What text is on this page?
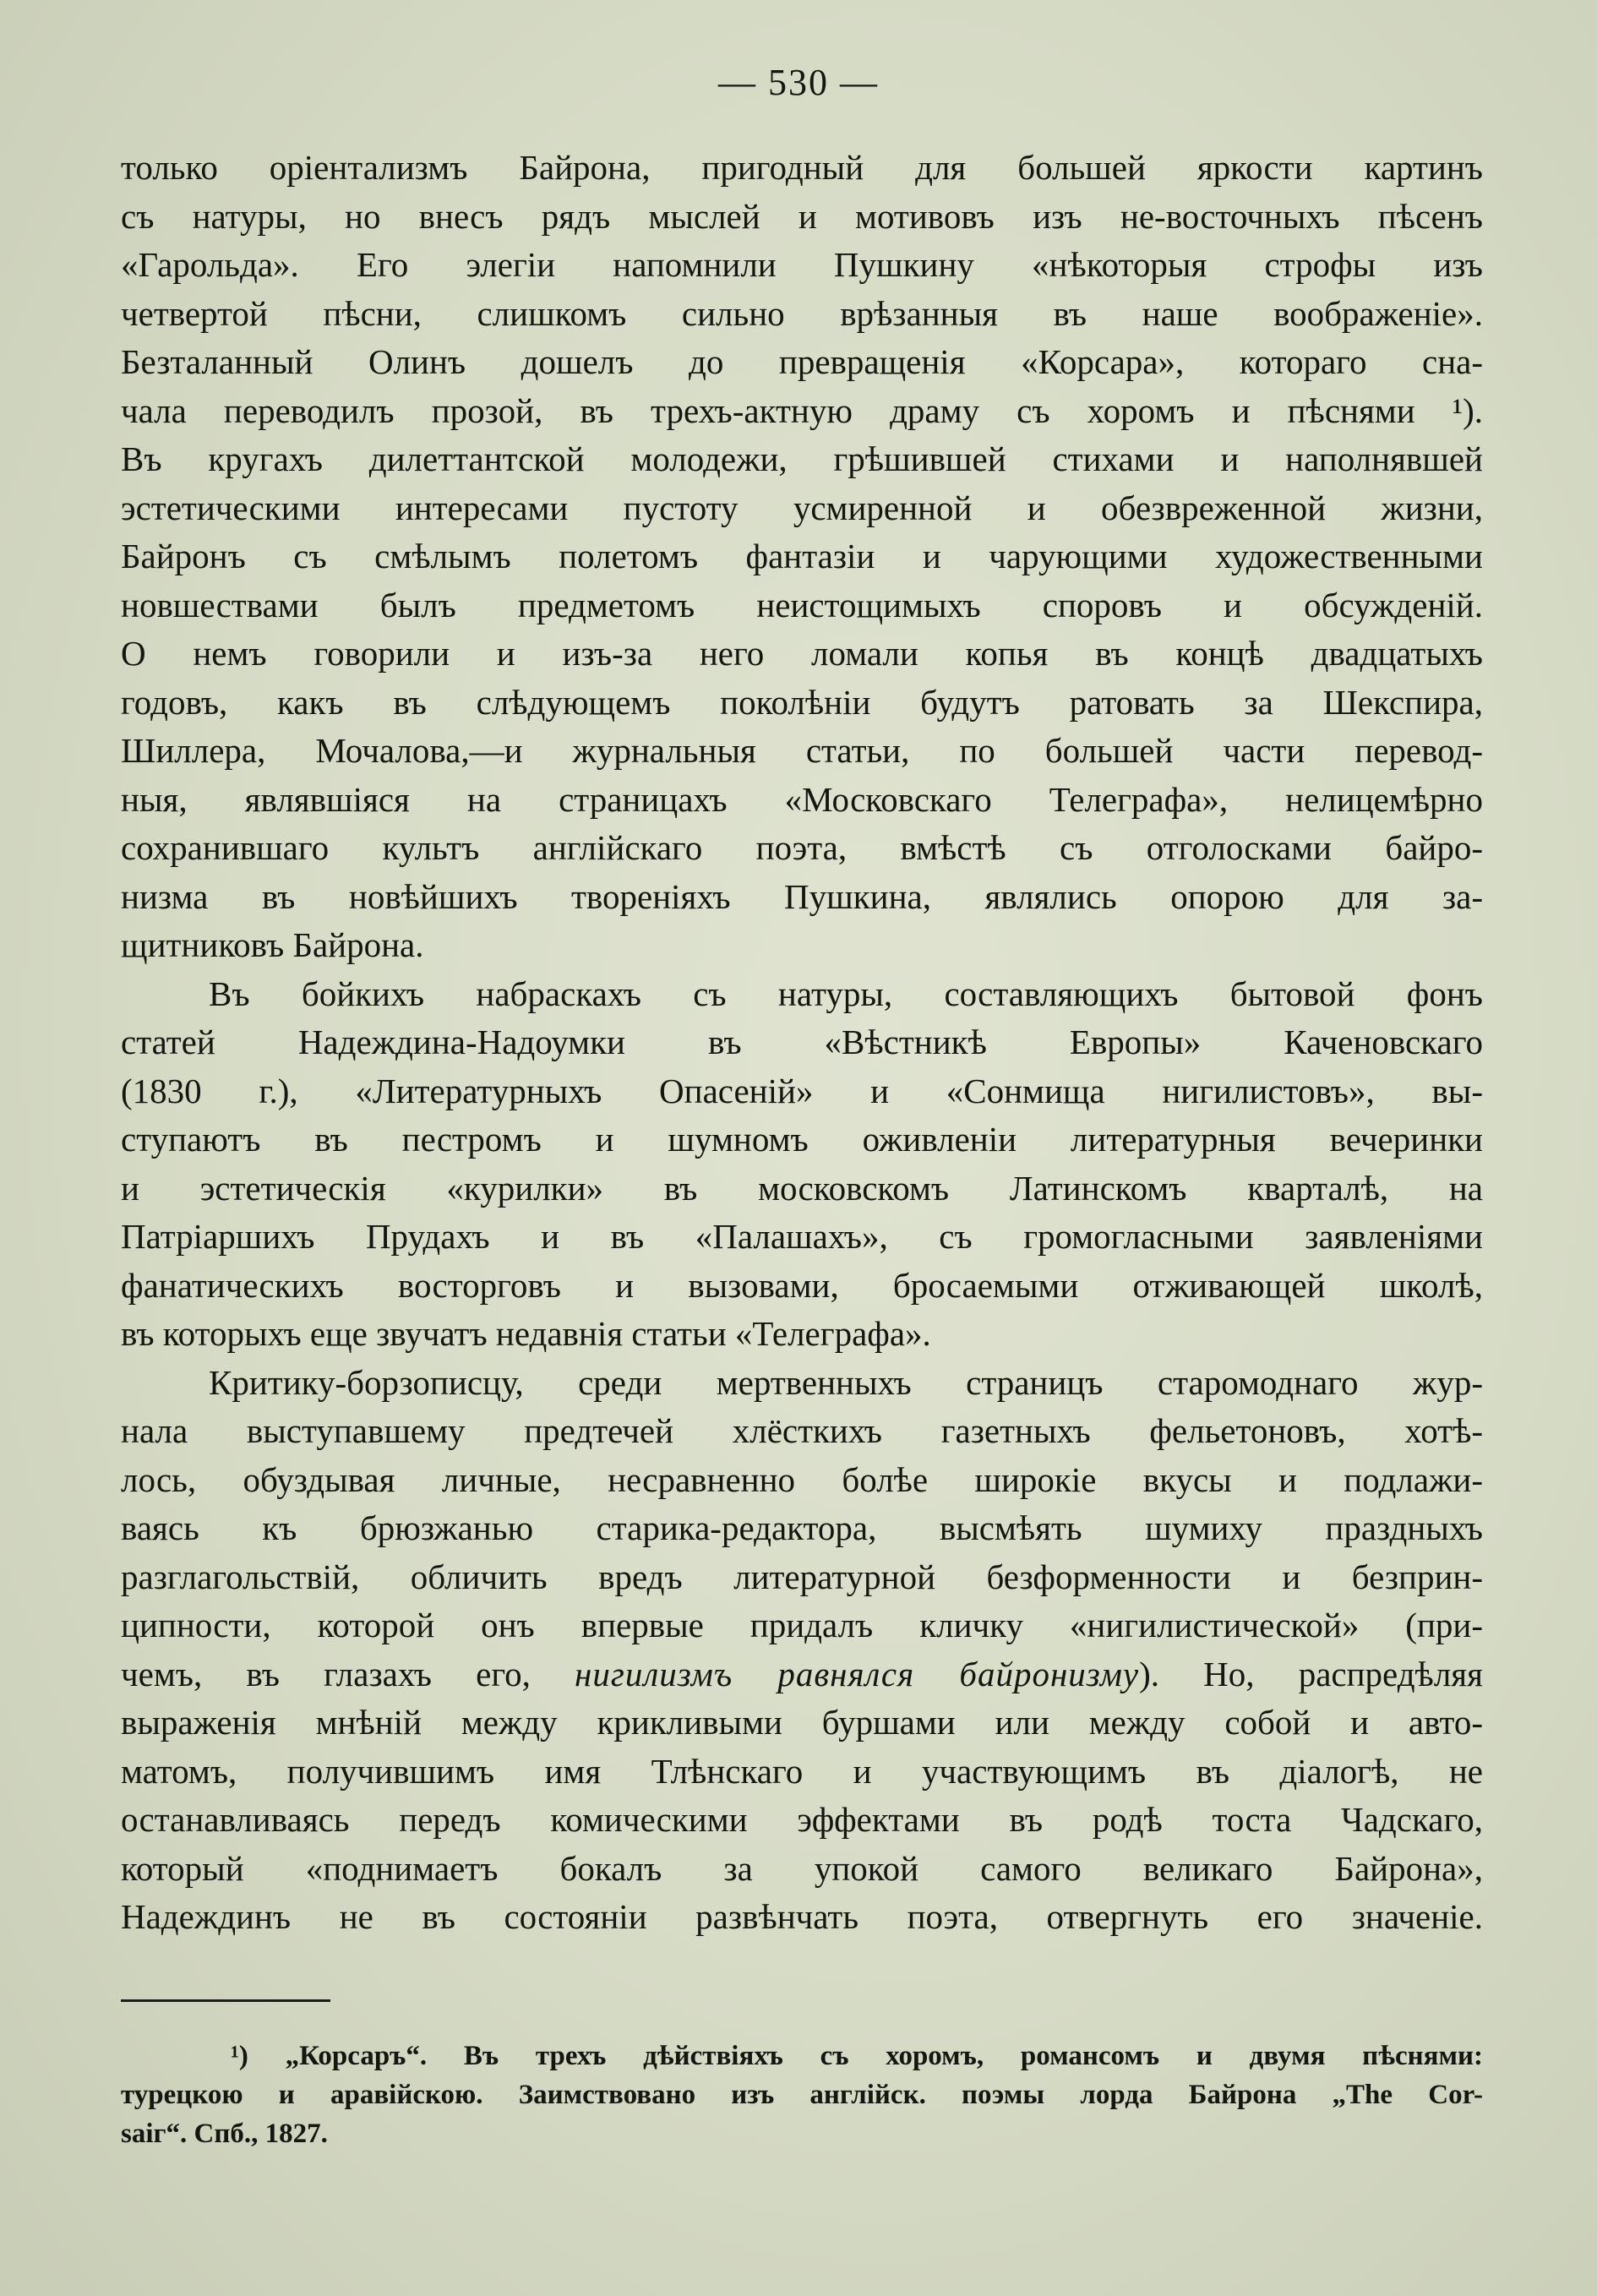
— 530 —
только оріентализмъ Байрона, пригодный для большей яркости картинъ
съ натуры, но внесъ рядъ мыслей и мотивовъ изъ не-восточныхъ пѣсенъ
«Гарольда». Его элегіи напомнили Пушкину «нѣкоторыя строфы изъ
четвертой пѣсни, слишкомъ сильно врѣзанныя въ наше воображеніе».
Безталанный Олинъ дошелъ до превращенія «Корсара», котораго сна-
чала переводилъ прозой, въ трехъ-актную драму съ хоромъ и пѣснями ¹).
Въ кругахъ дилеттантской молодежи, грѣшившей стихами и наполнявшей
эстетическими интересами пустоту усмиренной и обезвреженной жизни,
Байронъ съ смѣлымъ полетомъ фантазіи и чарующими художественными
новшествами былъ предметомъ неистощимыхъ споровъ и обсужденій.
О немъ говорили и изъ-за него ломали копья въ концѣ двадцатыхъ
годовъ, какъ въ слѣдующемъ поколѣніи будутъ ратовать за Шекспира,
Шиллера, Мочалова,—и журнальныя статьи, по большей части перевод-
ныя, являвшіяся на страницахъ «Московскаго Телеграфа», нелицемѣрно
сохранившаго культъ англійскаго поэта, вмѣстѣ съ отголосками байро-
низма въ новѣйшихъ твореніяхъ Пушкина, являлись опорою для за-
щитниковъ Байрона.
Въ бойкихъ набраскахъ съ натуры, составляющихъ бытовой фонъ
статей Надеждина-Надоумки въ «Вѣстникѣ Европы» Каченовскаго
(1830 г.), «Литературныхъ Опасеній» и «Сонмища нигилистовъ», вы-
ступаютъ въ пестромъ и шумномъ оживленіи литературныя вечеринки
и эстетическія «курилки» въ московскомъ Латинскомъ кварталѣ, на
Патріаршихъ Прудахъ и въ «Палашахъ», съ громогласными заявленіями
фанатическихъ восторговъ и вызовами, бросаемыми отживающей школѣ,
въ которыхъ еще звучатъ недавнія статьи «Телеграфа».
Критику-борзописцу, среди мертвенныхъ страницъ старомоднаго жур-
нала выступавшему предтечей хлёсткихъ газетныхъ фельетоновъ, хотѣ-
лось, обуздывая личные, несравненно болѣе широкіе вкусы и подлажи-
ваясь къ брюзжанью старика-редактора, высмѣять шумиху праздныхъ
разглагольствій, обличить вредъ литературной безформенности и безприн-
ципности, которой онъ впервые придалъ кличку «нигилистической» (при-
чемъ, въ глазахъ его, нигилизмъ равнялся байронизму). Но, распредѣляя
выраженія мнѣній между крикливыми буршами или между собой и авто-
матомъ, получившимъ имя Тлѣнскаго и участвующимъ въ діалогѣ, не
останавливаясь передъ комическими эффектами въ родѣ тоста Чадскаго,
который «поднимаетъ бокалъ за упокой самого великаго Байрона»,
Надеждинъ не въ состояніи развѣнчать поэта, отвергнуть его значеніе.
¹) „Корсаръ“. Въ трехъ дѣйствіяхъ съ хоромъ, романсомъ и двумя пѣснями:
турецкою и аравійскою. Заимствовано изъ англійск. поэмы лорда Байрона „The Cor-
saiг“. Спб., 1827.
